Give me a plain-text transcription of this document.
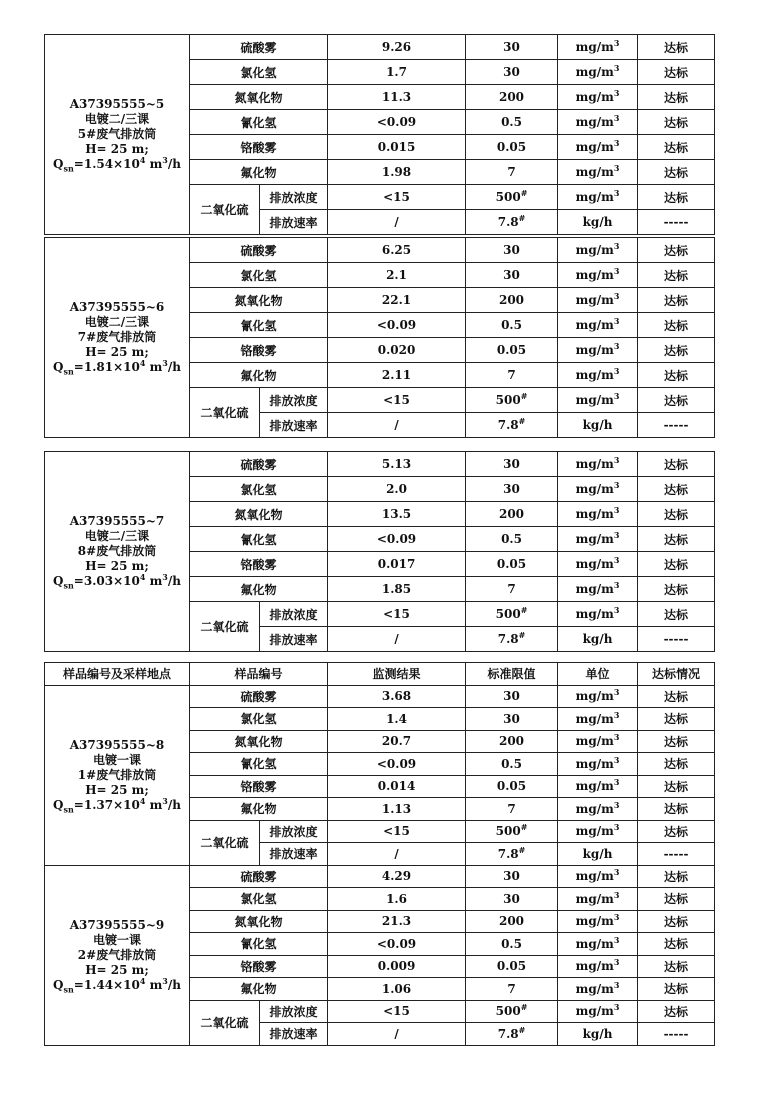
A37395555~5
电镀二/三课
5#废气排放筒
H= 25 m;
$Q_{sn}=1.54\times 10^4$ $m^3/h$	硫酸雾		9.26	30	$mg/m^3$	达标
	氯化氢		1.7	30	$mg/m^3$	达标
	氮氧化物		11.3	200	$mg/m^3$	达标
	氰化氢		<0.09	0.5	$mg/m^3$	达标
	铬酸雾		0.015	0.05	$mg/m^3$	达标
	氟化物		1.98	7	$mg/m^3$	达标
	二氧化硫	排放浓度	<15	500#	$mg/m^3$	达标
		排放速率	/	7.8#	kg/h	-----
A37395555~6
电镀二/三课
7#废气排放筒
H= 25 m;
$Q_{sn}=1.81\times 10^4$ $m^3/h$	硫酸雾		6.25	30	$mg/m^3$	达标
	氯化氢		2.1	30	$mg/m^3$	达标
	氮氧化物		22.1	200	$mg/m^3$	达标
	氰化氢		<0.09	0.5	$mg/m^3$	达标
	铬酸雾		0.020	0.05	$mg/m^3$	达标
	氟化物		2.11	7	$mg/m^3$	达标
	二氧化硫	排放浓度	<15	500#	$mg/m^3$	达标
		排放速率	/	7.8#	kg/h	-----
A37395555~7
电镀二/三课
8#废气排放筒
H= 25 m;
$Q_{sn}=3.03\times 10^4$ $m^3/h$	硫酸雾		5.13	30	$mg/m^3$	达标
	氯化氢		2.0	30	$mg/m^3$	达标
	氮氧化物		13.5	200	$mg/m^3$	达标
	氰化氢		<0.09	0.5	$mg/m^3$	达标
	铬酸雾		0.017	0.05	$mg/m^3$	达标
	氟化物		1.85	7	$mg/m^3$	达标
	二氧化硫	排放浓度	<15	500#	$mg/m^3$	达标
		排放速率	/	7.8#	kg/h	-----
样品编号及采样地点	样品编号		监测结果	标准限值	单位	达标情况

A37395555~8
电镀一课
1#废气排放筒
H= 25 m;
$Q_{sn}=1.37\times 10^4$ $m^3/h$	硫酸雾		3.68	30	$mg/m^3$	达标
	氯化氢		1.4	30	$mg/m^3$	达标
	氮氧化物		20.7	200	$mg/m^3$	达标
	氰化氢		<0.09	0.5	$mg/m^3$	达标
	铬酸雾		0.014	0.05	$mg/m^3$	达标
	氟化物		1.13	7	$mg/m^3$	达标
	二氧化硫	排放浓度	<15	500#	$mg/m^3$	达标
		排放速率	/	7.8#	kg/h	-----

A37395555~9
电镀一课
2#废气排放筒
H= 25 m;
$Q_{sn}=1.44\times 10^4$ $m^3/h$	硫酸雾		4.29	30	$mg/m^3$	达标
	氯化氢		1.6	30	$mg/m^3$	达标
	氮氧化物		21.3	200	$mg/m^3$	达标
	氰化氢		<0.09	0.5	$mg/m^3$	达标
	铬酸雾		0.009	0.05	$mg/m^3$	达标
	氟化物		1.06	7	$mg/m^3$	达标
	二氧化硫	排放浓度	<15	500#	$mg/m^3$	达标
		排放速率	/	7.8#	kg/h	-----
